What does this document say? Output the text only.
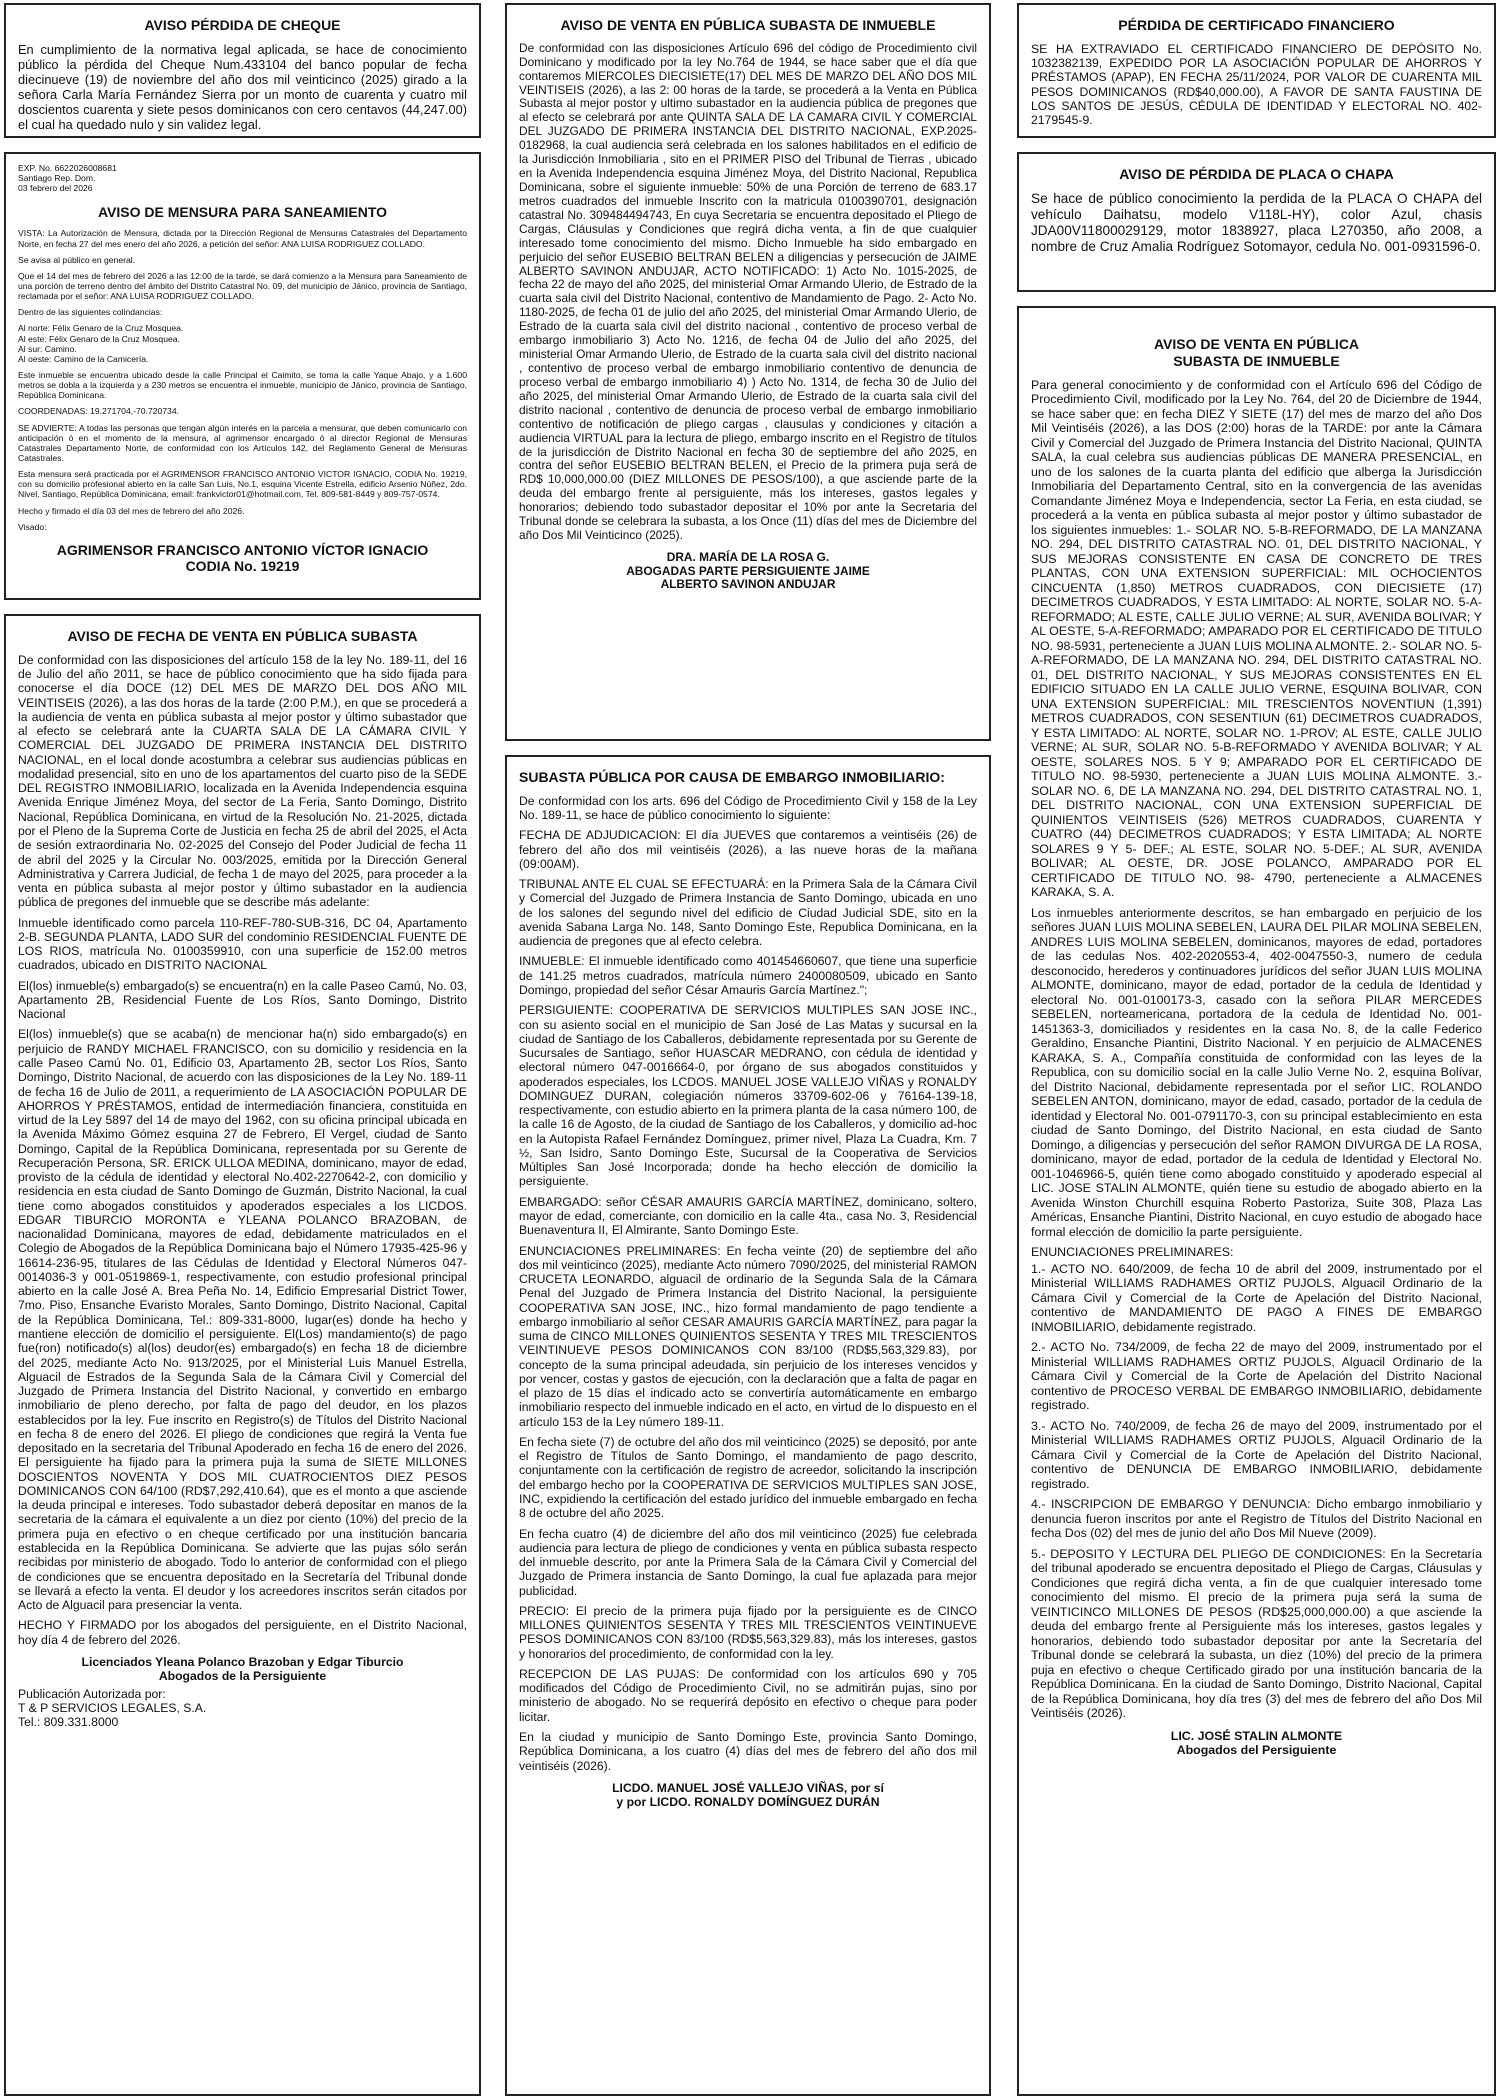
AVISO PÉRDIDA DE CHEQUE
En cumplimiento de la normativa legal aplicada, se hace de conocimiento público la pérdida del Cheque Num.433104 del banco popular de fecha diecinueve (19) de noviembre del año dos mil veinticinco (2025) girado a la señora Carla María Fernández Sierra por un monto de cuarenta y cuatro mil doscientos cuarenta y siete pesos dominicanos con cero centavos (44,247.00) el cual ha quedado nulo y sin validez legal.
EXP. No. 6622026008681
Santiago Rep. Dom.
03 febrero del 2026
AVISO DE MENSURA PARA SANEAMIENTO
VISTA: La Autorización de Mensura, dictada por la Dirección Regional de Mensuras Catastrales del Departamento Norte, en fecha 27 del mes enero del año 2026, a petición del señor: ANA LUISA RODRIGUEZ COLLADO.
Se avisa al público en general.
Que el 14 del mes de febrero del 2026 a las 12:00 de la tarde, se dará comienzo a la Mensura para Saneamiento de una porción de terreno dentro del ámbito del Distrito Catastral No. 09, del municipio de Jánico, provincia de Santiago, reclamada por el señor: ANA LUISA RODRIGUEZ COLLADO.
Dentro de las siguientes colindancias:
Al norte: Félix Genaro de la Cruz Mosquea.
Al este: Félix Genaro de la Cruz Mosquea.
Al sur: Camino.
Al oeste: Camino de la Camicería.
Este inmueble se encuentra ubicado desde la calle Principal el Caimito, se toma la calle Yaque Abajo, y a 1.600 metros se dobla a la izquierda y a 230 metros se encuentra el inmueble, municipio de Jánico, provincia de Santiago, República Dominicana.
COORDENADAS: 19.271704,-70.720734.
SE ADVIERTE: A todas las personas que tengan algún interés en la parcela a mensurar, que deben comunicarlo con anticipación ó en el momento de la mensura, al agrimensor encargado ó al director Regional de Mensuras Catastrales Departamento Norte, de conformidad con los Artículos 142, del Reglamento General de Mensuras Catastrales.
Esta mensura será practicada por el AGRIMENSOR FRANCISCO ANTONIO VICTOR IGNACIO, CODIA No. 19219, con su domicilio profesional abierto en la calle San Luis, No.1, esquina Vicente Estrella, edificio Arsenio Núñez, 2do. Nivel, Santiago, República Dominicana, email: frankvictor01@hotmail.com, Tel. 809-581-8449 y 809-757-0574.
Hecho y firmado el día 03 del mes de febrero del año 2026.
Visado:
AGRIMENSOR FRANCISCO ANTONIO VÍCTOR IGNACIO
CODIA No. 19219
AVISO DE FECHA DE VENTA EN PÚBLICA SUBASTA
De conformidad con las disposiciones del artículo 158 de la ley No. 189-11, del 16 de Julio del año 2011, se hace de público conocimiento que ha sido fijada para conocerse el día DOCE (12) DEL MES DE MARZO DEL DOS AÑO MIL VEINTISEIS (2026), a las dos horas de la tarde (2:00 P.M.), en que se procederá a la audiencia de venta en pública subasta al mejor postor y último subastador que al efecto se celebrará ante la CUARTA SALA DE LA CÁMARA CIVIL Y COMERCIAL DEL JUZGADO DE PRIMERA INSTANCIA DEL DISTRITO NACIONAL, en el local donde acostumbra a celebrar sus audiencias públicas en modalidad presencial, sito en uno de los apartamentos del cuarto piso de la SEDE DEL REGISTRO INMOBILIARIO, localizada en la Avenida Independencia esquina Avenida Enrique Jiménez Moya, del sector de La Feria, Santo Domingo, Distrito Nacional, República Dominicana, en virtud de la Resolución No. 21-2025, dictada por el Pleno de la Suprema Corte de Justicia en fecha 25 de abril del 2025, el Acta de sesión extraordinaria No. 02-2025 del Consejo del Poder Judicial de fecha 11 de abril del 2025 y la Circular No. 003/2025, emitida por la Dirección General Administrativa y Carrera Judicial, de fecha 1 de mayo del 2025, para proceder a la venta en pública subasta al mejor postor y último subastador en la audiencia pública de pregones del inmueble que se describe más adelante:
Inmueble identificado como parcela 110-REF-780-SUB-316, DC 04, Apartamento 2-B. SEGUNDA PLANTA, LADO SUR del condominio RESIDENCIAL FUENTE DE LOS RIOS, matrícula No. 0100359910, con una superficie de 152.00 metros cuadrados, ubicado en DISTRITO NACIONAL
El(los) inmueble(s) embargado(s) se encuentra(n) en la calle Paseo Camú, No. 03, Apartamento 2B, Residencial Fuente de Los Ríos, Santo Domingo, Distrito Nacional
El(los) inmueble(s) que se acaba(n) de mencionar ha(n) sido embargado(s) en perjuicio de RANDY MICHAEL FRANCISCO, con su domicilio y residencia en la calle Paseo Camú No. 01, Edificio 03, Apartamento 2B, sector Los Ríos, Santo Domingo, Distrito Nacional, de acuerdo con las disposiciones de la Ley No. 189-11 de fecha 16 de Julio de 2011, a requerimiento de LA ASOCIACIÓN POPULAR DE AHORROS Y PRÉSTAMOS, entidad de intermediación financiera, constituida en virtud de la Ley 5897 del 14 de mayo del 1962, con su oficina principal ubicada en la Avenida Máximo Gómez esquina 27 de Febrero, El Vergel, ciudad de Santo Domingo, Capital de la República Dominicana, representada por su Gerente de Recuperación Persona, SR. ERICK ULLOA MEDINA, dominicano, mayor de edad, provisto de la cédula de identidad y electoral No.402-2270642-2, con domicilio y residencia en esta ciudad de Santo Domingo de Guzmán, Distrito Nacional, la cual tiene como abogados constituidos y apoderados especiales a los LICDOS. EDGAR TIBURCIO MORONTA e YLEANA POLANCO BRAZOBAN, de nacionalidad Dominicana, mayores de edad, debidamente matriculados en el Colegio de Abogados de la República Dominicana bajo el Número 17935-425-96 y 16614-236-95, titulares de las Cédulas de Identidad y Electoral Números 047-0014036-3 y 001-0519869-1, respectivamente, con estudio profesional principal abierto en la calle José A. Brea Peña No. 14, Edificio Empresarial District Tower, 7mo. Piso, Ensanche Evaristo Morales, Santo Domingo, Distrito Nacional, Capital de la República Dominicana, Tel.: 809-331-8000, lugar(es) donde ha hecho y mantiene elección de domicilio el persiguiente. El(Los) mandamiento(s) de pago fue(ron) notificado(s) al(los) deudor(es) embargado(s) en fecha 18 de diciembre del 2025, mediante Acto No. 913/2025, por el Ministerial Luis Manuel Estrella, Alguacil de Estrados de la Segunda Sala de la Cámara Civil y Comercial del Juzgado de Primera Instancia del Distrito Nacional, y convertido en embargo inmobiliario de pleno derecho, por falta de pago del deudor, en los plazos establecidos por la ley. Fue inscrito en Registro(s) de Títulos del Distrito Nacional en fecha 8 de enero del 2026. El pliego de condiciones que regirá la Venta fue depositado en la secretaria del Tribunal Apoderado en fecha 16 de enero del 2026. El persiguiente ha fijado para la primera puja la suma de SIETE MILLONES DOSCIENTOS NOVENTA Y DOS MIL CUATROCIENTOS DIEZ PESOS DOMINICANOS CON 64/100 (RD$7,292,410.64), que es el monto a que asciende la deuda principal e intereses. Todo subastador deberá depositar en manos de la secretaria de la cámara el equivalente a un diez por ciento (10%) del precio de la primera puja en efectivo o en cheque certificado por una institución bancaria establecida en la República Dominicana. Se advierte que las pujas sólo serán recibidas por ministerio de abogado. Todo lo anterior de conformidad con el pliego de condiciones que se encuentra depositado en la Secretaría del Tribunal donde se llevará a efecto la venta. El deudor y los acreedores inscritos serán citados por Acto de Alguacil para presenciar la venta.
HECHO Y FIRMADO por los abogados del persiguiente, en el Distrito Nacional, hoy día 4 de febrero del 2026.
Licenciados Yleana Polanco Brazoban y Edgar Tiburcio
Abogados de la Persiguiente
Publicación Autorizada por:
T & P SERVICIOS LEGALES, S.A.
Tel.: 809.331.8000
AVISO DE VENTA EN PÚBLICA SUBASTA DE INMUEBLE
De conformidad con las disposiciones Artículo 696 del código de Procedimiento civil Dominicano y modificado por la ley No.764 de 1944, se hace saber que el día que contaremos MIERCOLES DIECISIETE(17) DEL MES DE MARZO DEL AÑO DOS MIL VEINTISEIS (2026), a las 2: 00 horas de la tarde, se procederá a la Venta en Pública Subasta al mejor postor y ultimo subastador en la audiencia pública de pregones que al efecto se celebrará por ante QUINTA SALA DE LA CAMARA CIVIL Y COMERCIAL DEL JUZGADO DE PRIMERA INSTANCIA DEL DISTRITO NACIONAL, EXP.2025-0182968, la cual audiencia será celebrada en los salones habilitados en el edificio de la Jurisdicción Inmobiliaria , sito en el PRIMER PISO del Tribunal de Tierras , ubicado en la Avenida Independencia esquina Jiménez Moya, del Distrito Nacional, Republica Dominicana, sobre el siguiente inmueble: 50% de una Porción de terreno de 683.17 metros cuadrados del inmueble Inscrito con la matricula 0100390701, designación catastral No. 309484494743, En cuya Secretaria se encuentra depositado el Pliego de Cargas, Cláusulas y Condiciones que regirá dicha venta, a fin de que cualquier interesado tome conocimiento del mismo. Dicho Inmueble ha sido embargado en perjuicio del señor EUSEBIO BELTRAN BELEN a diligencias y persecución de JAIME ALBERTO SAVINON ANDUJAR, ACTO NOTIFICADO: 1) Acto No. 1015-2025, de fecha 22 de mayo del año 2025, del ministerial Omar Armando Ulerio, de Estrado de la cuarta sala civil del Distrito Nacional, contentivo de Mandamiento de Pago. 2- Acto No. 1180-2025, de fecha 01 de julio del año 2025, del ministerial Omar Armando Ulerio, de Estrado de la cuarta sala civil del distrito nacional , contentivo de proceso verbal de embargo inmobiliario 3) Acto No. 1216, de fecha 04 de Julio del año 2025, del ministerial Omar Armando Ulerio, de Estrado de la cuarta sala civil del distrito nacional , contentivo de proceso verbal de embargo inmobiliario contentivo de denuncia de proceso verbal de embargo inmobiliario 4) ) Acto No. 1314, de fecha 30 de Julio del año 2025, del ministerial Omar Armando Ulerio, de Estrado de la cuarta sala civil del distrito nacional , contentivo de denuncia de proceso verbal de embargo inmobiliario contentivo de notificación de pliego cargas , clausulas y condiciones y citación a audiencia VIRTUAL para la lectura de pliego, embargo inscrito en el Registro de títulos de la jurisdicción de Distrito Nacional en fecha 30 de septiembre del año 2025, en contra del señor EUSEBIO BELTRAN BELEN, el Precio de la primera puja será de RD$ 10,000,000.00 (DIEZ MILLONES DE PESOS/100), a que asciende parte de la deuda del embargo frente al persiguiente, más los intereses, gastos legales y honorarios; debiendo todo subastador depositar el 10% por ante la Secretaria del Tribunal donde se celebrara la subasta, a los Once (11) días del mes de Diciembre del año Dos Mil Veinticinco (2025).
DRA. MARÍA DE LA ROSA G.
ABOGADAS PARTE PERSIGUIENTE JAIME
ALBERTO SAVINON ANDUJAR
SUBASTA PÚBLICA POR CAUSA DE EMBARGO INMOBILIARIO:
De conformidad con los arts. 696 del Código de Procedimiento Civil y 158 de la Ley No. 189-11, se hace de público conocimiento lo siguiente:
FECHA DE ADJUDICACION: El día JUEVES que contaremos a veintiséis (26) de febrero del año dos mil veintiséis (2026), a las nueve horas de la mañana (09:00AM).
TRIBUNAL ANTE EL CUAL SE EFECTUARÁ: en la Primera Sala de la Cámara Civil y Comercial del Juzgado de Primera Instancia de Santo Domingo, ubicada en uno de los salones del segundo nivel del edificio de Ciudad Judicial SDE, sito en la avenida Sabana Larga No. 148, Santo Domingo Este, Republica Dominicana, en la audiencia de pregones que al efecto celebra.
INMUEBLE: El inmueble identificado como 401454660607, que tiene una superficie de 141.25 metros cuadrados, matrícula número 2400080509, ubicado en Santo Domingo, propiedad del señor César Amauris García Martínez.";
PERSIGUIENTE: COOPERATIVA DE SERVICIOS MULTIPLES SAN JOSE INC., con su asiento social en el municipio de San José de Las Matas y sucursal en la ciudad de Santiago de los Caballeros, debidamente representada por su Gerente de Sucursales de Santiago, señor HUASCAR MEDRANO, con cédula de identidad y electoral número 047-0016664-0, por órgano de sus abogados constituidos y apoderados especiales, los LCDOS. MANUEL JOSE VALLEJO VIÑAS y RONALDY DOMINGUEZ DURAN, colegiación números 33709-602-06 y 76164-139-18, respectivamente, con estudio abierto en la primera planta de la casa número 100, de la calle 16 de Agosto, de la ciudad de Santiago de los Caballeros, y domicilio ad-hoc en la Autopista Rafael Fernández Domínguez, primer nivel, Plaza La Cuadra, Km. 7 ½, San Isidro, Santo Domingo Este, Sucursal de la Cooperativa de Servicios Múltiples San José Incorporada; donde ha hecho elección de domicilio la persiguiente.
EMBARGADO: señor CÉSAR AMAURIS GARCÍA MARTÍNEZ, dominicano, soltero, mayor de edad, comerciante, con domicilio en la calle 4ta., casa No. 3, Residencial Buenaventura II, El Almirante, Santo Domingo Este.
ENUNCIACIONES PRELIMINARES: En fecha veinte (20) de septiembre del año dos mil veinticinco (2025), mediante Acto número 7090/2025, del ministerial RAMON CRUCETA LEONARDO, alguacil de ordinario de la Segunda Sala de la Cámara Penal del Juzgado de Primera Instancia del Distrito Nacional, la persiguiente COOPERATIVA SAN JOSE, INC., hizo formal mandamiento de pago tendiente a embargo inmobiliario al señor CESAR AMAURIS GARCÍA MARTÍNEZ, para pagar la suma de CINCO MILLONES QUINIENTOS SESENTA Y TRES MIL TRESCIENTOS VEINTINUEVE PESOS DOMINICANOS CON 83/100 (RD$5,563,329.83), por concepto de la suma principal adeudada, sin perjuicio de los intereses vencidos y por vencer, costas y gastos de ejecución, con la declaración que a falta de pagar en el plazo de 15 días el indicado acto se convertiría automáticamente en embargo inmobiliario respecto del inmueble indicado en el acto, en virtud de lo dispuesto en el artículo 153 de la Ley número 189-11.
En fecha siete (7) de octubre del año dos mil veinticinco (2025) se depositó, por ante el Registro de Títulos de Santo Domingo, el mandamiento de pago descrito, conjuntamente con la certificación de registro de acreedor, solicitando la inscripción del embargo hecho por la COOPERATIVA DE SERVICIOS MULTIPLES SAN JOSE, INC, expidiendo la certificación del estado jurídico del inmueble embargado en fecha 8 de octubre del año 2025.
En fecha cuatro (4) de diciembre del año dos mil veinticinco (2025) fue celebrada audiencia para lectura de pliego de condiciones y venta en pública subasta respecto del inmueble descrito, por ante la Primera Sala de la Cámara Civil y Comercial del Juzgado de Primera instancia de Santo Domingo, la cual fue aplazada para mejor publicidad.
PRECIO: El precio de la primera puja fijado por la persiguiente es de CINCO MILLONES QUINIENTOS SESENTA Y TRES MIL TRESCIENTOS VEINTINUEVE PESOS DOMINICANOS CON 83/100 (RD$5,563,329.83), más los intereses, gastos y honorarios del procedimiento, de conformidad con la ley.
RECEPCION DE LAS PUJAS: De conformidad con los artículos 690 y 705 modificados del Código de Procedimiento Civil, no se admitirán pujas, sino por ministerio de abogado. No se requerirá depósito en efectivo o cheque para poder licitar.
En la ciudad y municipio de Santo Domingo Este, provincia Santo Domingo, República Dominicana, a los cuatro (4) días del mes de febrero del año dos mil veintiséis (2026).
LICDO. MANUEL JOSÉ VALLEJO VIÑAS, por sí
y por LICDO. RONALDY DOMÍNGUEZ DURÁN
PÉRDIDA DE CERTIFICADO FINANCIERO
SE HA EXTRAVIADO EL CERTIFICADO FINANCIERO DE DEPÓSITO No. 1032382139, EXPEDIDO POR LA ASOCIACIÓN POPULAR DE AHORROS Y PRÉSTAMOS (APAP), EN FECHA 25/11/2024, POR VALOR DE CUARENTA MIL PESOS DOMINICANOS (RD$40,000.00), A FAVOR DE SANTA FAUSTINA DE LOS SANTOS DE JESÚS, CÉDULA DE IDENTIDAD Y ELECTORAL NO. 402-2179545-9.
AVISO DE PÉRDIDA DE PLACA O CHAPA
Se hace de público conocimiento la perdida de la PLACA O CHAPA del vehículo Daihatsu, modelo V118L-HY), color Azul, chasis JDA00V11800029129, motor 1838927, placa L270350, año 2008, a nombre de Cruz Amalia Rodríguez Sotomayor, cedula No. 001-0931596-0.
AVISO DE VENTA EN PÚBLICA
SUBASTA DE INMUEBLE
Para general conocimiento y de conformidad con el Artículo 696 del Código de Procedimiento Civil, modificado por la Ley No. 764, del 20 de Diciembre de 1944, se hace saber que: en fecha DIEZ Y SIETE (17) del mes de marzo del año Dos Mil Veintiséis (2026), a las DOS (2:00) horas de la TARDE: por ante la Cámara Civil y Comercial del Juzgado de Primera Instancia del Distrito Nacional, QUINTA SALA, la cual celebra sus audiencias públicas DE MANERA PRESENCIAL, en uno de los salones de la cuarta planta del edificio que alberga la Jurisdicción Inmobiliaria del Departamento Central, sito en la convergencia de las avenidas Comandante Jiménez Moya e Independencia, sector La Feria, en esta ciudad, se procederá a la venta en pública subasta al mejor postor y último subastador de los siguientes inmuebles: 1.- SOLAR NO. 5-B-REFORMADO, DE LA MANZANA NO. 294, DEL DISTRITO CATASTRAL NO. 01, DEL DISTRITO NACIONAL, Y SUS MEJORAS CONSISTENTE EN CASA DE CONCRETO DE TRES PLANTAS, CON UNA EXTENSION SUPERFICIAL: MIL OCHOCIENTOS CINCUENTA (1,850) METROS CUADRADOS, CON DIECISIETE (17) DECIMETROS CUADRADOS, Y ESTA LIMITADO: AL NORTE, SOLAR NO. 5-A- REFORMADO; AL ESTE, CALLE JULIO VERNE; AL SUR, AVENIDA BOLIVAR; Y AL OESTE, 5-A-REFORMADO; AMPARADO POR EL CERTIFICADO DE TITULO NO. 98-5931, perteneciente a JUAN LUIS MOLINA ALMONTE. 2.- SOLAR NO. 5- A-REFORMADO, DE LA MANZANA NO. 294, DEL DISTRITO CATASTRAL NO. 01, DEL DISTRITO NACIONAL, Y SUS MEJORAS CONSISTENTES EN EL EDIFICIO SITUADO EN LA CALLE JULIO VERNE, ESQUINA BOLIVAR, CON UNA EXTENSION SUPERFICIAL: MIL TRESCIENTOS NOVENTIUN (1,391) METROS CUADRADOS, CON SESENTIUN (61) DECIMETROS CUADRADOS, Y ESTA LIMITADO: AL NORTE, SOLAR NO. 1-PROV; AL ESTE, CALLE JULIO VERNE; AL SUR, SOLAR NO. 5-B-REFORMADO Y AVENIDA BOLIVAR; Y AL OESTE, SOLARES NOS. 5 Y 9; AMPARADO POR EL CERTIFICADO DE TITULO NO. 98-5930, perteneciente a JUAN LUIS MOLINA ALMONTE. 3.- SOLAR NO. 6, DE LA MANZANA NO. 294, DEL DISTRITO CATASTRAL NO. 1, DEL DISTRITO NACIONAL, CON UNA EXTENSION SUPERFICIAL DE QUINIENTOS VEINTISEIS (526) METROS CUADRADOS, CUARENTA Y CUATRO (44) DECIMETROS CUADRADOS; Y ESTA LIMITADA; AL NORTE SOLARES 9 Y 5- DEF.; AL ESTE, SOLAR NO. 5-DEF.; AL SUR, AVENIDA BOLIVAR; AL OESTE, DR. JOSE POLANCO, AMPARADO POR EL CERTIFICADO DE TITULO NO. 98- 4790, perteneciente a ALMACENES KARAKA, S. A.
Los inmuebles anteriormente descritos, se han embargado en perjuicio de los señores JUAN LUIS MOLINA SEBELEN, LAURA DEL PILAR MOLINA SEBELEN, ANDRES LUIS MOLINA SEBELEN, dominicanos, mayores de edad, portadores de las cedulas Nos. 402-2020553-4, 402-0047550-3, numero de cedula desconocido, herederos y continuadores jurídicos del señor JUAN LUIS MOLINA ALMONTE, dominicano, mayor de edad, portador de la cedula de Identidad y electoral No. 001-0100173-3, casado con la señora PILAR MERCEDES SEBELEN, norteamericana, portadora de la cedula de Identidad No. 001-1451363-3, domiciliados y residentes en la casa No. 8, de la calle Federico Geraldino, Ensanche Piantini, Distrito Nacional. Y en perjuicio de ALMACENES KARAKA, S. A., Compañía constituida de conformidad con las leyes de la Republica, con su domicilio social en la calle Julio Verne No. 2, esquina Bolívar, del Distrito Nacional, debidamente representada por el señor LIC. ROLANDO SEBELEN ANTON, dominicano, mayor de edad, casado, portador de la cedula de identidad y Electoral No. 001-0791170-3, con su principal establecimiento en esta ciudad de Santo Domingo, del Distrito Nacional, en esta ciudad de Santo Domingo, a diligencias y persecución del señor RAMON DIVURGA DE LA ROSA, dominicano, mayor de edad, portador de la cedula de Identidad y Electoral No. 001-1046966-5, quién tiene como abogado constituido y apoderado especial al LIC. JOSE STALIN ALMONTE, quién tiene su estudio de abogado abierto en la Avenida Winston Churchill esquina Roberto Pastoriza, Suite 308, Plaza Las Américas, Ensanche Piantini, Distrito Nacional, en cuyo estudio de abogado hace formal elección de domicilio la parte persiguiente.
ENUNCIACIONES PRELIMINARES:
1.- ACTO NO. 640/2009, de fecha 10 de abril del 2009, instrumentado por el Ministerial WILLIAMS RADHAMES ORTIZ PUJOLS, Alguacil Ordinario de la Cámara Civil y Comercial de la Corte de Apelación del Distrito Nacional, contentivo de MANDAMIENTO DE PAGO A FINES DE EMBARGO INMOBILIARIO, debidamente registrado.
2.- ACTO No. 734/2009, de fecha 22 de mayo del 2009, instrumentado por el Ministerial WILLIAMS RADHAMES ORTIZ PUJOLS, Alguacil Ordinario de la Cámara Civil y Comercial de la Corte de Apelación del Distrito Nacional contentivo de PROCESO VERBAL DE EMBARGO INMOBILIARIO, debidamente registrado.
3.- ACTO No. 740/2009, de fecha 26 de mayo del 2009, instrumentado por el Ministerial WILLIAMS RADHAMES ORTIZ PUJOLS, Alguacil Ordinario de la Cámara Civil y Comercial de la Corte de Apelación del Distrito Nacional, contentivo de DENUNCIA DE EMBARGO INMOBILIARIO, debidamente registrado.
4.- INSCRIPCION DE EMBARGO Y DENUNCIA: Dicho embargo inmobiliario y denuncia fueron inscritos por ante el Registro de Títulos del Distrito Nacional en fecha Dos (02) del mes de junio del año Dos Mil Nueve (2009).
5.- DEPOSITO Y LECTURA DEL PLIEGO DE CONDICIONES: En la Secretaría del tribunal apoderado se encuentra depositado el Pliego de Cargas, Cláusulas y Condiciones que regirá dicha venta, a fin de que cualquier interesado tome conocimiento del mismo. El precio de la primera puja será la suma de VEINTICINCO MILLONES DE PESOS (RD$25,000,000.00) a que asciende la deuda del embargo frente al Persiguiente más los intereses, gastos legales y honorarios, debiendo todo subastador depositar por ante la Secretaría del Tribunal donde se celebrará la subasta, un diez (10%) del precio de la primera puja en efectivo o cheque Certificado girado por una institución bancaria de la República Dominicana. En la ciudad de Santo Domingo, Distrito Nacional, Capital de la República Dominicana, hoy día tres (3) del mes de febrero del año Dos Mil Veintiséis (2026).
LIC. JOSÉ STALIN ALMONTE
Abogados del Persiguiente
